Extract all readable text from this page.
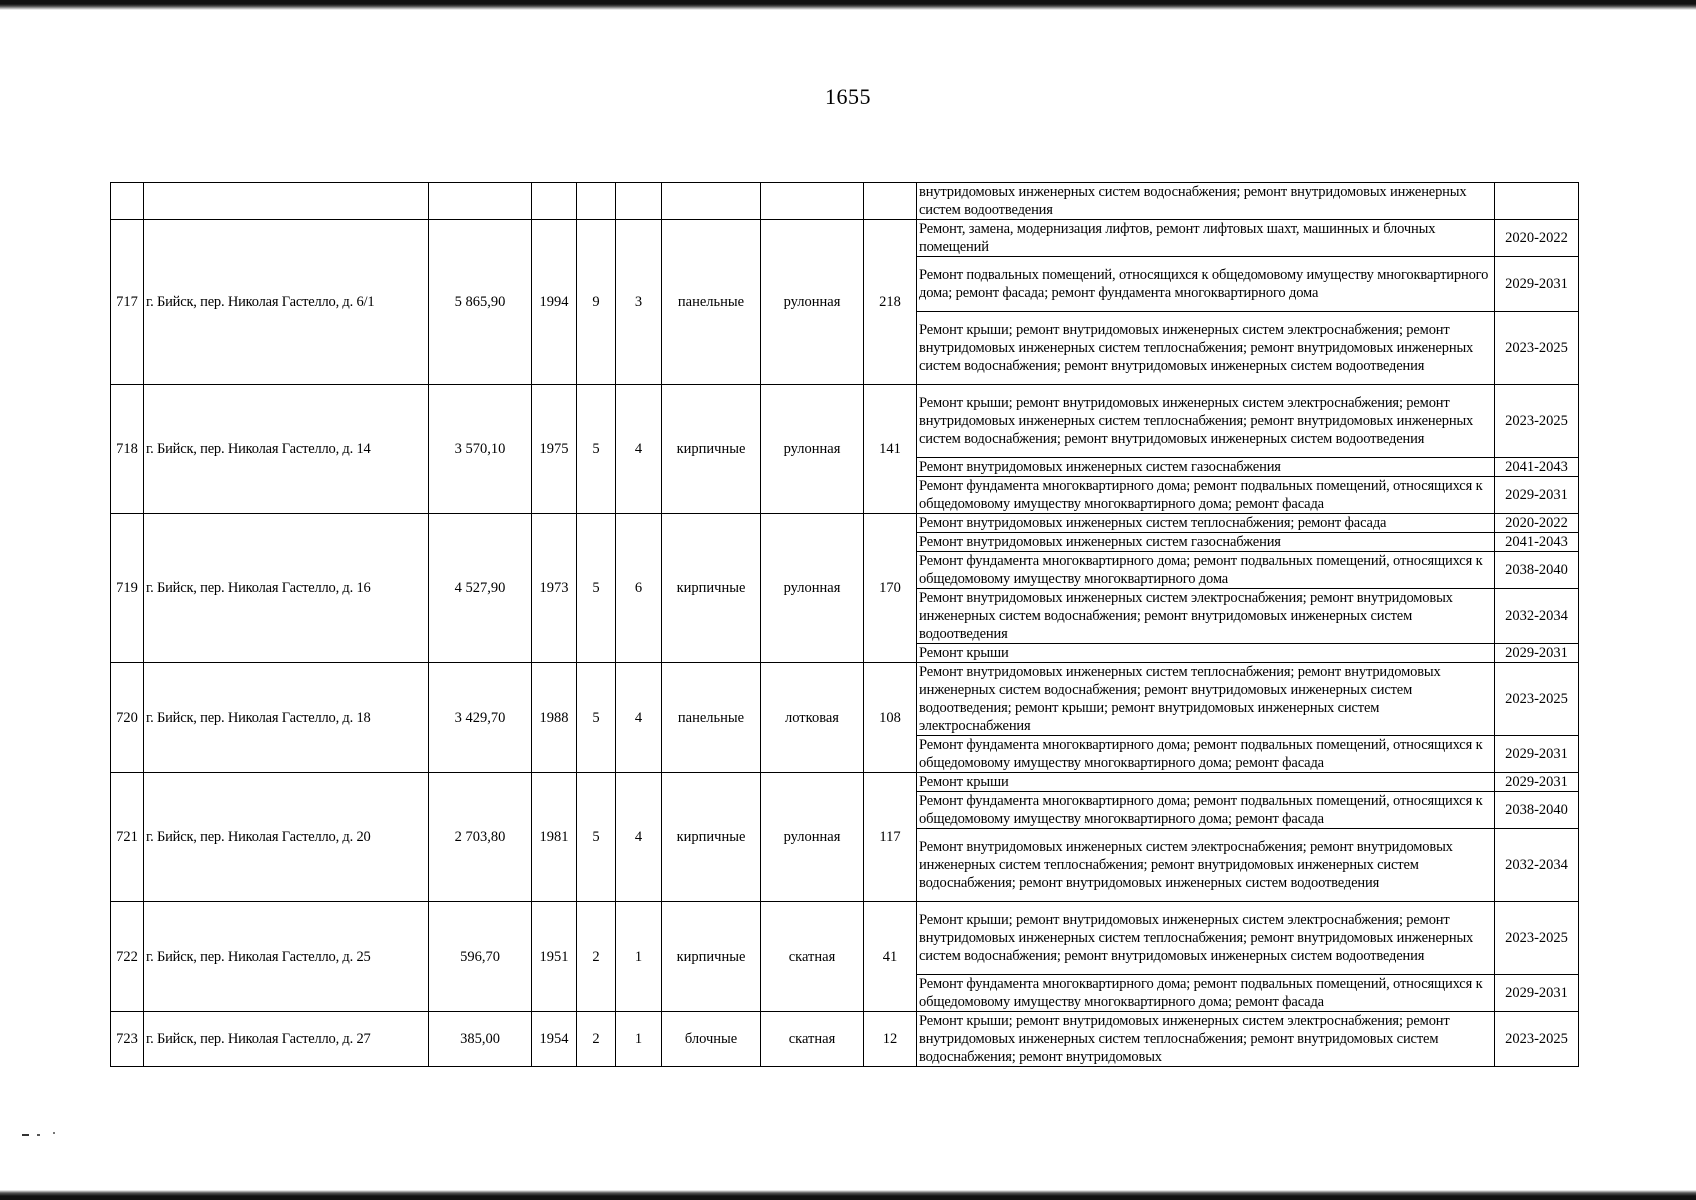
1655
									внутридомовых инженерных систем водоснабжения; ремонт внутридомовых инженерных систем водоотведения	
717	г. Бийск, пер. Николая Гастелло, д. 6/1	5 865,90	1994	9	3	панельные	рулонная	218	Ремонт, замена, модернизация лифтов, ремонт лифтовых шахт, машинных и блочных помещений	2020-2022
									Ремонт подвальных помещений, относящихся к общедомовому имуществу многоквартирного дома; ремонт фасада; ремонт фундамента многоквартирного дома	2029-2031
									Ремонт крыши; ремонт внутридомовых инженерных систем электроснабжения; ремонт внутридомовых инженерных систем теплоснабжения; ремонт внутридомовых инженерных систем водоснабжения; ремонт внутридомовых инженерных систем водоотведения	2023-2025
718	г. Бийск, пер. Николая Гастелло, д. 14	3 570,10	1975	5	4	кирпичные	рулонная	141	Ремонт крыши; ремонт внутридомовых инженерных систем электроснабжения; ремонт внутридомовых инженерных систем теплоснабжения; ремонт внутридомовых инженерных систем водоснабжения; ремонт внутридомовых инженерных систем водоотведения	2023-2025
									Ремонт внутридомовых инженерных систем газоснабжения	2041-2043
									Ремонт фундамента многоквартирного дома; ремонт подвальных помещений, относящихся к общедомовому имуществу многоквартирного дома; ремонт фасада	2029-2031
719	г. Бийск, пер. Николая Гастелло, д. 16	4 527,90	1973	5	6	кирпичные	рулонная	170	Ремонт внутридомовых инженерных систем теплоснабжения; ремонт фасада	2020-2022
									Ремонт внутридомовых инженерных систем газоснабжения	2041-2043
									Ремонт фундамента многоквартирного дома; ремонт подвальных помещений, относящихся к общедомовому имуществу многоквартирного дома	2038-2040
									Ремонт внутридомовых инженерных систем электроснабжения; ремонт внутридомовых инженерных систем водоснабжения; ремонт внутридомовых инженерных систем водоотведения	2032-2034
									Ремонт крыши	2029-2031
720	г. Бийск, пер. Николая Гастелло, д. 18	3 429,70	1988	5	4	панельные	лотковая	108	Ремонт внутридомовых инженерных систем теплоснабжения; ремонт внутридомовых инженерных систем водоснабжения; ремонт внутридомовых инженерных систем водоотведения; ремонт крыши; ремонт внутридомовых инженерных систем электроснабжения	2023-2025
									Ремонт фундамента многоквартирного дома; ремонт подвальных помещений, относящихся к общедомовому имуществу многоквартирного дома; ремонт фасада	2029-2031
721	г. Бийск, пер. Николая Гастелло, д. 20	2 703,80	1981	5	4	кирпичные	рулонная	117	Ремонт крыши	2029-2031
									Ремонт фундамента многоквартирного дома; ремонт подвальных помещений, относящихся к общедомовому имуществу многоквартирного дома; ремонт фасада	2038-2040
									Ремонт внутридомовых инженерных систем электроснабжения; ремонт внутридомовых инженерных систем теплоснабжения; ремонт внутридомовых инженерных систем водоснабжения; ремонт внутридомовых инженерных систем водоотведения	2032-2034
722	г. Бийск, пер. Николая Гастелло, д. 25	596,70	1951	2	1	кирпичные	скатная	41	Ремонт крыши; ремонт внутридомовых инженерных систем электроснабжения; ремонт внутридомовых инженерных систем теплоснабжения; ремонт внутридомовых инженерных систем водоснабжения; ремонт внутридомовых инженерных систем водоотведения	2023-2025
									Ремонт фундамента многоквартирного дома; ремонт подвальных помещений, относящихся к общедомовому имуществу многоквартирного дома; ремонт фасада	2029-2031
723	г. Бийск, пер. Николая Гастелло, д. 27	385,00	1954	2	1	блочные	скатная	12	Ремонт крыши; ремонт внутридомовых инженерных систем электроснабжения; ремонт внутридомовых инженерных систем теплоснабжения; ремонт внутридомовых систем водоснабжения; ремонт внутридомовых	2023-2025
